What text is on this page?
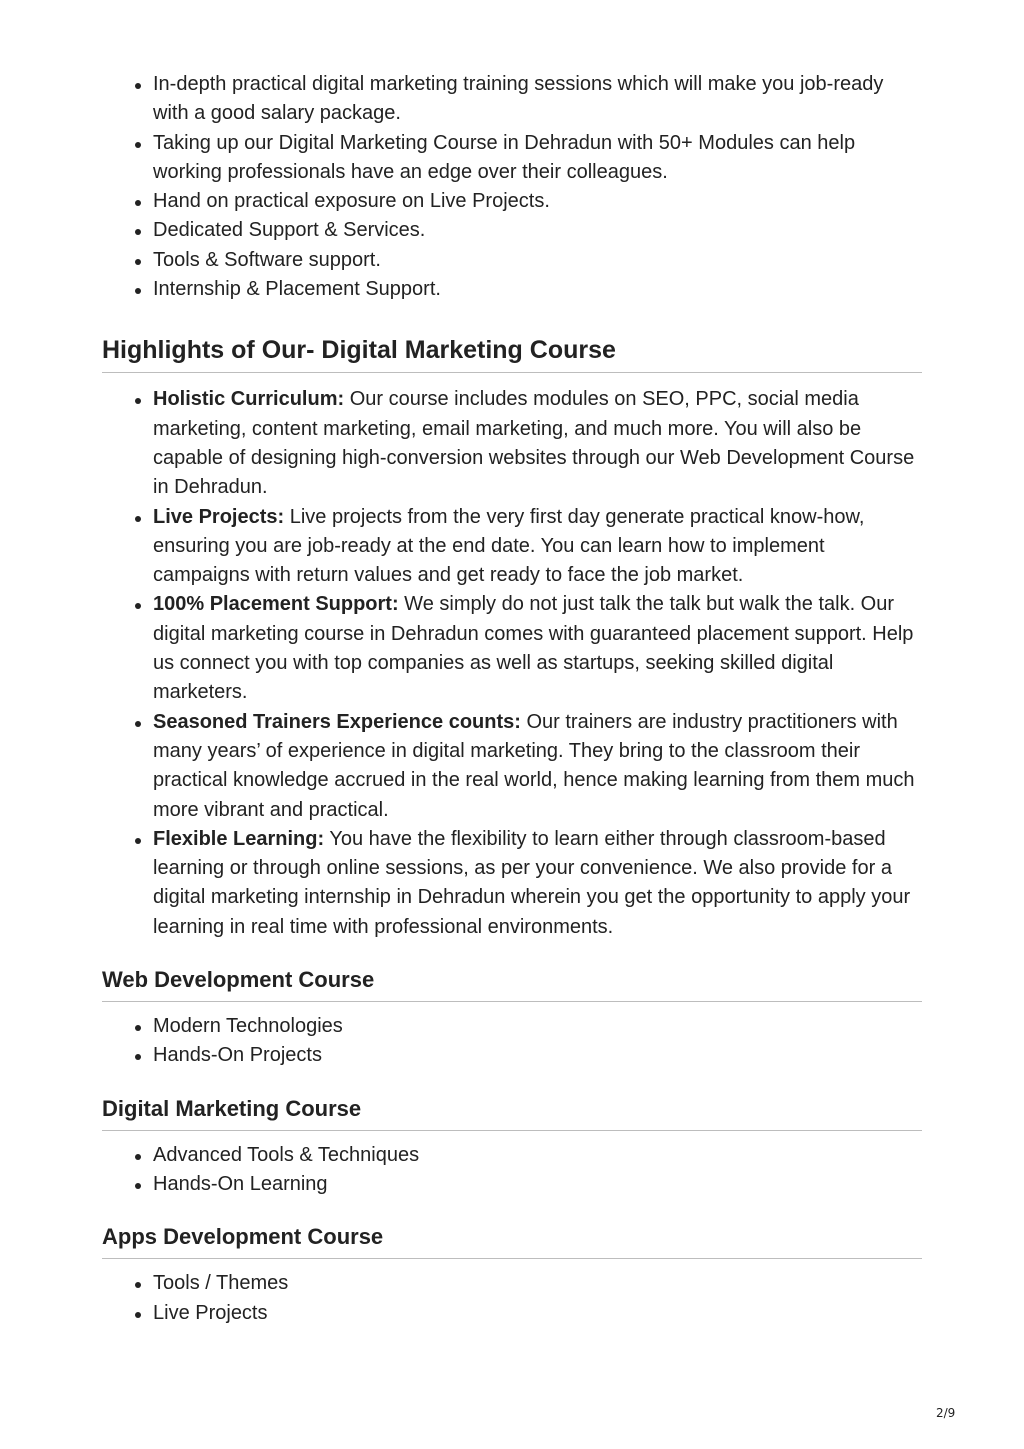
In-depth practical digital marketing training sessions which will make you job-ready with a good salary package.
Taking up our Digital Marketing Course in Dehradun with 50+ Modules can help working professionals have an edge over their colleagues.
Hand on practical exposure on Live Projects.
Dedicated Support & Services.
Tools & Software support.
Internship & Placement Support.
Highlights of Our- Digital Marketing Course
Holistic Curriculum: Our course includes modules on SEO, PPC, social media marketing, content marketing, email marketing, and much more. You will also be capable of designing high-conversion websites through our Web Development Course in Dehradun.
Live Projects: Live projects from the very first day generate practical know-how, ensuring you are job-ready at the end date. You can learn how to implement campaigns with return values and get ready to face the job market.
100% Placement Support: We simply do not just talk the talk but walk the talk. Our digital marketing course in Dehradun comes with guaranteed placement support. Help us connect you with top companies as well as startups, seeking skilled digital marketers.
Seasoned Trainers Experience counts: Our trainers are industry practitioners with many years’ of experience in digital marketing. They bring to the classroom their practical knowledge accrued in the real world, hence making learning from them much more vibrant and practical.
Flexible Learning: You have the flexibility to learn either through classroom-based learning or through online sessions, as per your convenience. We also provide for a digital marketing internship in Dehradun wherein you get the opportunity to apply your learning in real time with professional environments.
Web Development Course
Modern Technologies
Hands-On Projects
Digital Marketing Course
Advanced Tools & Techniques
Hands-On Learning
Apps Development Course
Tools / Themes
Live Projects
2/9
